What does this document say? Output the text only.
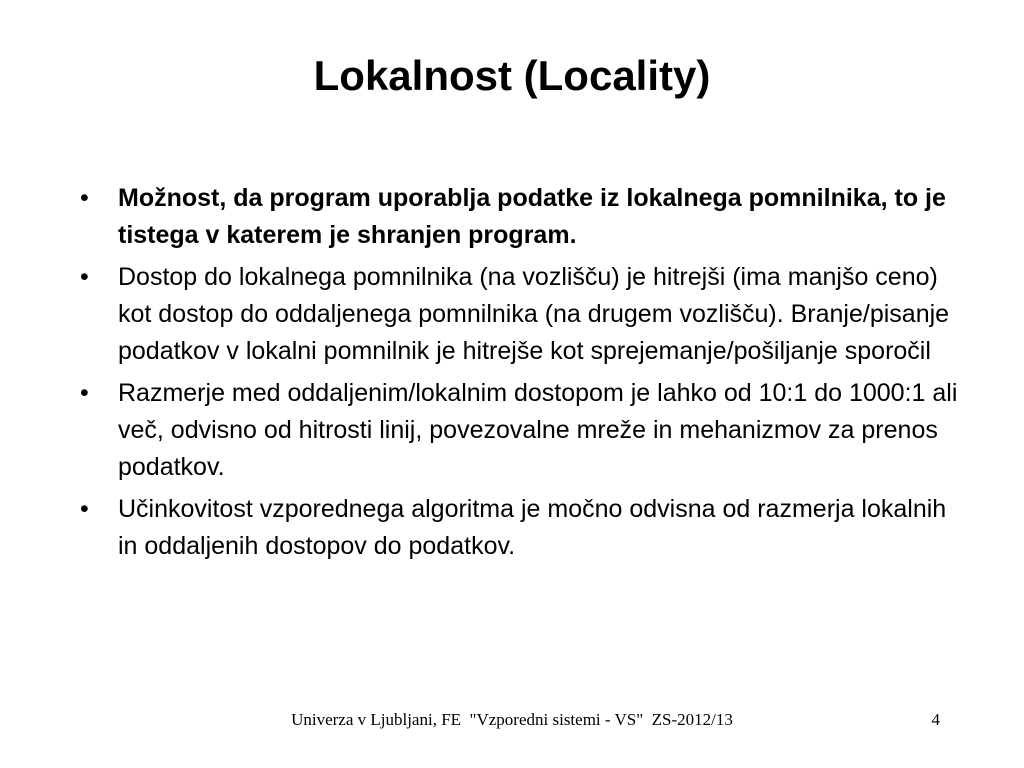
Lokalnost (Locality)
• Možnost, da program uporablja podatke iz lokalnega pomnilnika, to je tistega v katerem je shranjen program.
• Dostop do lokalnega pomnilnika (na vozlišču) je hitrejši (ima manjšo ceno) kot dostop do oddaljenega pomnilnika (na drugem vozlišču). Branje/pisanje podatkov v lokalni pomnilnik je hitrejše kot sprejemanje/pošiljanje sporočil
• Razmerje med oddaljenim/lokalnim dostopom je lahko od 10:1 do 1000:1 ali več, odvisno od hitrosti linij, povezovalne mreže in mehanizmov za prenos podatkov.
• Učinkovitost vzporednega algoritma je močno odvisna od razmerja lokalnih in oddaljenih dostopov do podatkov.
Univerza v Ljubljani, FE  "Vzporedni sistemi - VS"  ZS-2012/13	4
